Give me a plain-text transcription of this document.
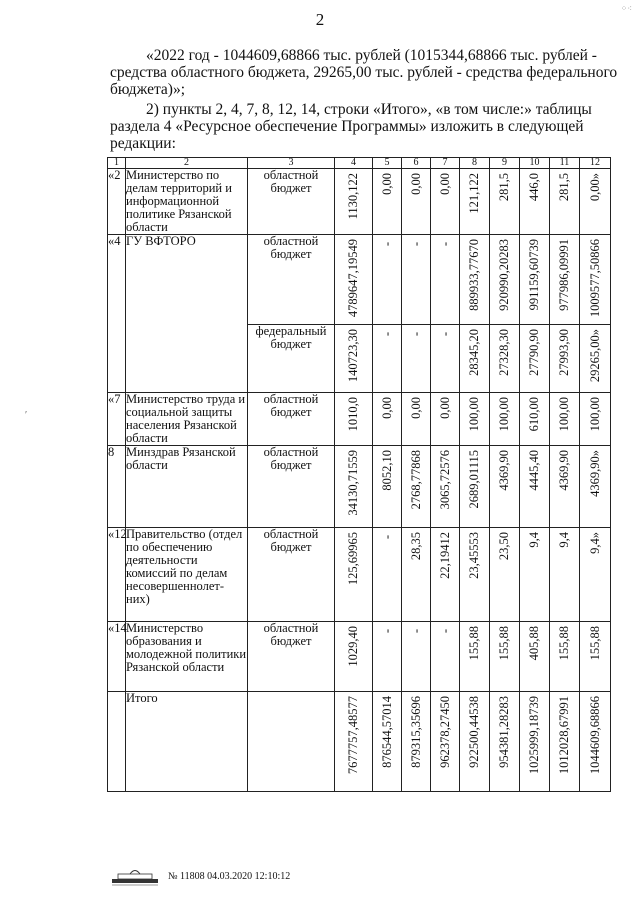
⁘⁖
2
«2022 год - 1044609,68866 тыс. рублей (1015344,68866 тыс. рублей -
средства областного бюджета, 29265,00 тыс. рублей - средства федерального
бюджета)»;
2) пункты 2, 4, 7, 8, 12, 14, строки «Итого», «в том числе:» таблицы
раздела 4 «Ресурсное обеспечение Программы» изложить в следующей
редакции:
1	2	3	4	5	6	7	8	9	10	11	12
«2	Министерство по делам территорий и информационной политике Рязанской области	областной бюджет	1130,122	0,00	0,00	0,00	121,122	281,5	446,0	281,5	0,00»
«4	ГУ ВФТОРО	областной бюджет	4789647,19549	-	-	-	889933,77670	920990,20283	991159,60739	977986,09991	1009577,50866
		федеральный бюджет	140723,30	-	-	-	28345,20	27328,30	27790,90	27993,90	29265,00»
«7	Министерство труда и социальной защиты населения Рязанской области	областной бюджет	1010,0	0,00	0,00	0,00	100,00	100,00	610,00	100,00	100,00
8	Минздрав Рязанской области	областной бюджет	34130,71559	8052,10	2768,77868	3065,72576	2689,01115	4369,90	4445,40	4369,90	4369,90»
«12	Правительство (отдел по обеспечению деятельности комиссий по делам несовершеннолет-них)	областной бюджет	125,69965	-	28,35	22,19412	23,45553	23,50	9,4	9,4	9,4»
«14	Министерство образования и молодежной политики Рязанской области	областной бюджет	1029,40	-	-	-	155,88	155,88	405,88	155,88	155,88
	Итого		7677757,48577	876544,57014	879315,35696	962378,27450	922500,44538	954381,28283	1025999,18739	1012028,67991	1044609,68866
ʹ
№ 11808 04.03.2020 12:10:12
